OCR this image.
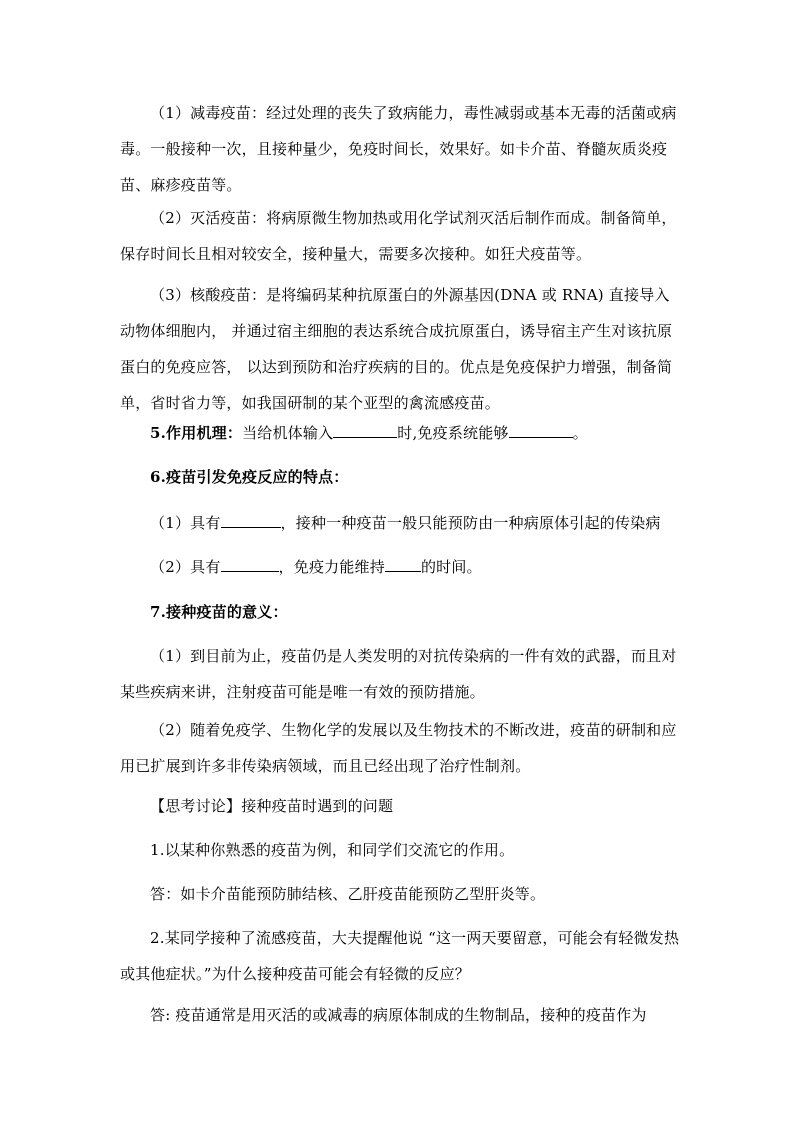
（1）减毒疫苗：经过处理的丧失了致病能力，毒性减弱或基本无毒的活菌或病毒。一般接种一次，且接种量少，免疫时间长，效果好。如卡介苗、脊髓灰质炎疫苗、麻疹疫苗等。
（2）灭活疫苗：将病原微生物加热或用化学试剂灭活后制作而成。制备简单，保存时间长且相对较安全，接种量大，需要多次接种。如狂犬疫苗等。
（3）核酸疫苗：是将编码某种抗原蛋白的外源基因(DNA 或 RNA) 直接导入动物体细胞内， 并通过宿主细胞的表达系统合成抗原蛋白，诱导宿主产生对该抗原蛋白的免疫应答， 以达到预防和治疗疾病的目的。优点是免疫保护力增强，制备简单，省时省力等，如我国研制的某个亚型的禽流感疫苗。
5.作用机理：当给机体输入	时,免疫系统能够	。
6.疫苗引发免疫反应的特点：
（1）具有	，接种一种疫苗一般只能预防由一种病原体引起的传染病
（2）具有	，免疫力能维持 的时间。
7.接种疫苗的意义：
（1）到目前为止，疫苗仍是人类发明的对抗传染病的一件有效的武器，而且对某些疾病来讲，注射疫苗可能是唯一有效的预防措施。
（2）随着免疫学、生物化学的发展以及生物技术的不断改进，疫苗的研制和应用已扩展到许多非传染病领域，而且已经出现了治疗性制剂。
【思考讨论】接种疫苗时遇到的问题
1.以某种你熟悉的疫苗为例，和同学们交流它的作用。
答：如卡介苗能预防肺结核、乙肝疫苗能预防乙型肝炎等。
2.某同学接种了流感疫苗，大夫提醒他说 “这一两天要留意，可能会有轻微发热或其他症状。”为什么接种疫苗可能会有轻微的反应？
答: 疫苗通常是用灭活的或减毒的病原体制成的生物制品，接种的疫苗作为
